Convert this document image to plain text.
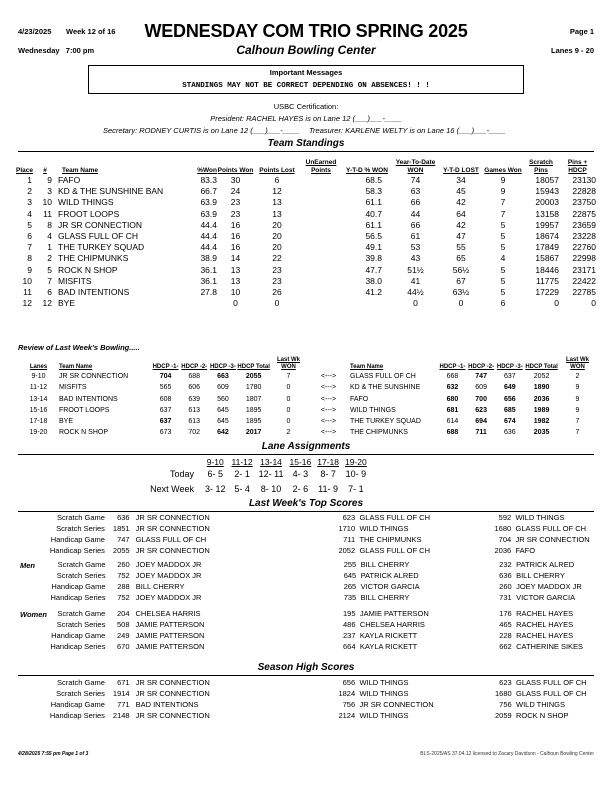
4/23/2025 Week 12 of 16	WEDNESDAY COM TRIO SPRING 2025	Page 1
Wednesday   7:00 pm	Calhoun Bowling Center	Lanes 9 - 20
Important Messages
STANDINGS MAY NOT BE CORRECT DEPENDING ON ABSENCES! ! !
USBC Certification:
President: RACHEL HAYES is on Lane 12 (___)___-____
Secretary: RODNEY CURTIS is on Lane 12 (___)___-____ Treasurer: KARLENE WELTY is on Lane 16 (___)___-____
Team Standings
Place	#	Team Name	%Won	Points Won	Points Lost	UnEarned Points	Y-T-D % WON	Year-To-Date WON	Y-T-D LOST	Games Won	Scratch Pins	Pins + HDCP
1	9	FAFO	83.3	30	6		68.5	74	34	9	18057	23130
2	3	KD & THE SUNSHINE BAN	66.7	24	12		58.3	63	45	9	15943	22828
3	10	WILD THINGS	63.9	23	13		61.1	66	42	7	20003	23750
4	11	FROOT LOOPS	63.9	23	13		40.7	44	64	7	13158	22875
5	8	JR SR CONNECTION	44.4	16	20		61.1	66	42	5	19957	23659
6	4	GLASS FULL OF CH	44.4	16	20		56.5	61	47	5	18674	23228
7	1	THE TURKEY SQUAD	44.4	16	20		49.1	53	55	5	17849	22760
8	2	THE CHIPMUNKS	38.9	14	22		39.8	43	65	4	15867	22998
9	5	ROCK N SHOP	36.1	13	23		47.7	51½	56½	5	18446	23171
10	7	MISFITS	36.1	13	23		38.0	41	67	5	11775	22422
11	6	BAD INTENTIONS	27.8	10	26		41.2	44½	63½	5	17229	22785
12	12	BYE		0	0			0	0	6	0	0
Review of Last Week's Bowling.....
Lanes	Team Name	HDCP -1-	HDCP -2-	HDCP -3-	HDCP Total	Last Wk WON		Team Name	HDCP -1-	HDCP -2-	HDCP -3-	HDCP Total	Last Wk WON
9-10	JR SR CONNECTION	704	688	663	2055	7	<--->	GLASS FULL OF CH	668	747	637	2052	2
11-12	MISFITS	565	606	609	1780	0	<--->	KD & THE SUNSHINE	632	609	649	1890	9
13-14	BAD INTENTIONS	608	639	560	1807	0	<--->	FAFO	680	700	656	2036	9
15-16	FROOT LOOPS	637	613	645	1895	0	<--->	WILD THINGS	681	623	685	1989	9
17-18	BYE	637	613	645	1895	0	<--->	THE TURKEY SQUAD	614	694	674	1982	7
19-20	ROCK N SHOP	673	702	642	2017	2	<--->	THE CHIPMUNKS	688	711	636	2035	7
Lane Assignments
	9-10	11-12	13-14	15-16	17-18	19-20
Today	6- 5	2- 1	12- 11	4- 3	8- 7	10- 9
Next Week	3- 12	5- 4	8- 10	2- 6	11- 9	7- 1
Last Week's Top Scores
Scratch Game	636	JR SR CONNECTION	623		GLASS FULL OF CH	592		WILD THINGS
Scratch Series	1851	JR SR CONNECTION	1710		WILD THINGS	1680		GLASS FULL OF CH
Handicap Game	747	GLASS FULL OF CH	711		THE CHIPMUNKS	704		JR SR CONNECTION
Handicap Series	2055	JR SR CONNECTION	2052		GLASS FULL OF CH	2036		FAFO
Men	Scratch Game	260	JOEY MADDOX JR	255		BILL CHERRY	232		PATRICK ALRED
Scratch Series	752	JOEY MADDOX JR	645		PATRICK ALRED	636		BILL CHERRY
Handicap Game	288	BILL CHERRY	265		VICTOR GARCIA	260		JOEY MADDOX JR
Handicap Series	752	JOEY MADDOX JR	735		BILL CHERRY	731		VICTOR GARCIA
Women Scratch Game	204	CHELSEA HARRIS	195		JAMIE PATTERSON	176		RACHEL HAYES
Scratch Series	508	JAMIE PATTERSON	486		CHELSEA HARRIS	465		RACHEL HAYES
Handicap Game	249	JAMIE PATTERSON	237		KAYLA RICKETT	228		RACHEL HAYES
Handicap Series	670	JAMIE PATTERSON	664		KAYLA RICKETT	662		CATHERINE SIKES
Season High Scores
Scratch Game	671	JR SR CONNECTION	656		WILD THINGS	623		GLASS FULL OF CH
Scratch Series	1914	JR SR CONNECTION	1824		WILD THINGS	1680		GLASS FULL OF CH
Handicap Game	771	BAD INTENTIONS	756		JR SR CONNECTION	756		WILD THINGS
Handicap Series	2148	JR SR CONNECTION	2124		WILD THINGS	2059		ROCK N SHOP
4/28/2025 7:55 pm Page 1 of 3	BLS-2025/AS 37.04.12 licensed to Zacary Davidson - Calhoun Bowling Center
